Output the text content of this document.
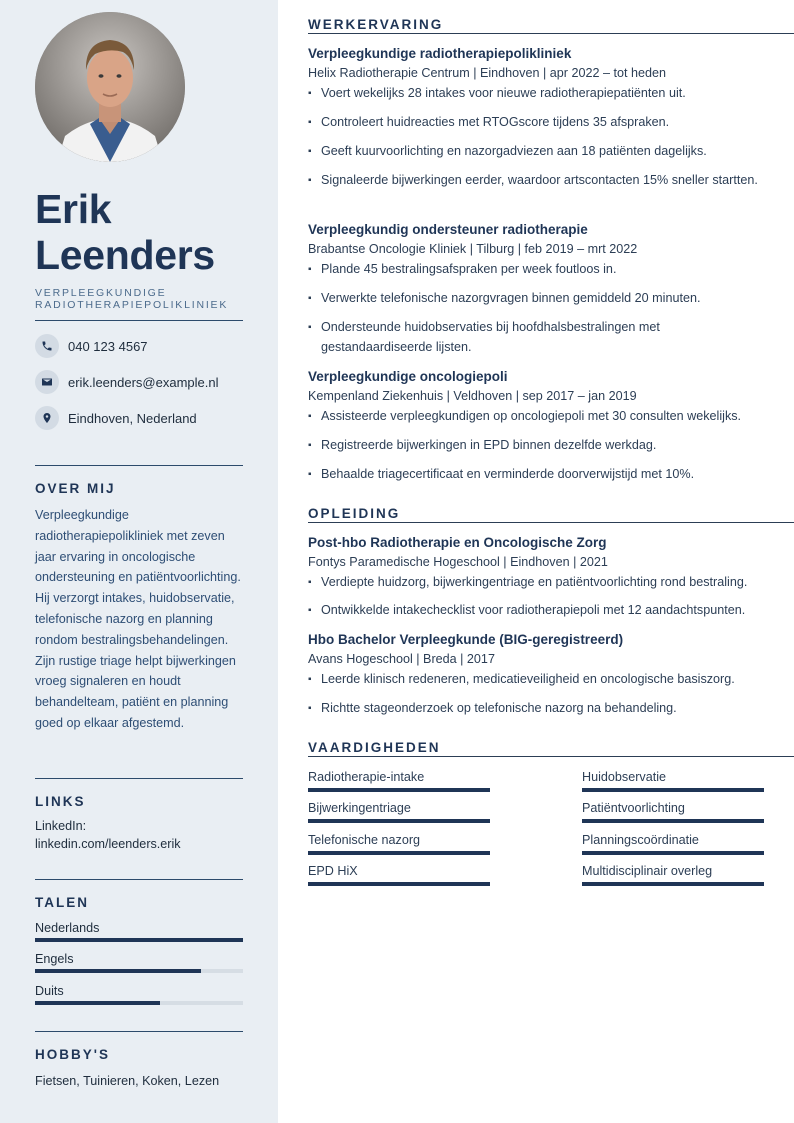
Erik
Leenders
VERPLEEGKUNDIGE
RADIOTHERAPIEPOLIKLINIEK
040 123 4567
erik.leenders@example.nl
Eindhoven, Nederland
OVER MIJ
Verpleegkundige radiotherapiepolikliniek met zeven jaar ervaring in oncologische ondersteuning en patiëntvoorlichting. Hij verzorgt intakes, huidobservatie, telefonische nazorg en planning rondom bestralingsbehandelingen. Zijn rustige triage helpt bijwerkingen vroeg signaleren en houdt behandelteam, patiënt en planning goed op elkaar afgestemd.
LINKS
LinkedIn:
linkedin.com/leenders.erik
TALEN
Nederlands
Engels
Duits
HOBBY'S
Fietsen, Tuinieren, Koken, Lezen
WERKERVARING
Verpleegkundige radiotherapiepolikliniek
Helix Radiotherapie Centrum | Eindhoven | apr 2022 – tot heden
▪ Voert wekelijks 28 intakes voor nieuwe radiotherapiepatiënten uit.
▪ Controleert huidreacties met RTOGscore tijdens 35 afspraken.
▪ Geeft kuurvoorlichting en nazorgadviezen aan 18 patiënten dagelijks.
▪ Signaleerde bijwerkingen eerder, waardoor artscontacten 15% sneller startten.
Verpleegkundig ondersteuner radiotherapie
Brabantse Oncologie Kliniek | Tilburg | feb 2019 – mrt 2022
▪ Plande 45 bestralingsafspraken per week foutloos in.
▪ Verwerkte telefonische nazorgvragen binnen gemiddeld 20 minuten.
▪ Ondersteunde huidobservaties bij hoofdhalsbestralingen met gestandaardiseerde lijsten.
Verpleegkundige oncologiepoli
Kempenland Ziekenhuis | Veldhoven | sep 2017 – jan 2019
▪ Assisteerde verpleegkundigen op oncologiepoli met 30 consulten wekelijks.
▪ Registreerde bijwerkingen in EPD binnen dezelfde werkdag.
▪ Behaalde triagecertificaat en verminderde doorverwijstijd met 10%.
OPLEIDING
Post-hbo Radiotherapie en Oncologische Zorg
Fontys Paramedische Hogeschool | Eindhoven | 2021
▪ Verdiepte huidzorg, bijwerkingentriage en patiëntvoorlichting rond bestraling.
▪ Ontwikkelde intakechecklist voor radiotherapiepoli met 12 aandachtspunten.
Hbo Bachelor Verpleegkunde (BIG-geregistreerd)
Avans Hogeschool | Breda | 2017
▪ Leerde klinisch redeneren, medicatieveiligheid en oncologische basiszorg.
▪ Richtte stageonderzoek op telefonische nazorg na behandeling.
VAARDIGHEDEN
Radiotherapie-intake	Huidobservatie
Bijwerkingentriage	Patiëntvoorlichting
Telefonische nazorg	Planningscoördinatie
EPD HiX	Multidisciplinair overleg
